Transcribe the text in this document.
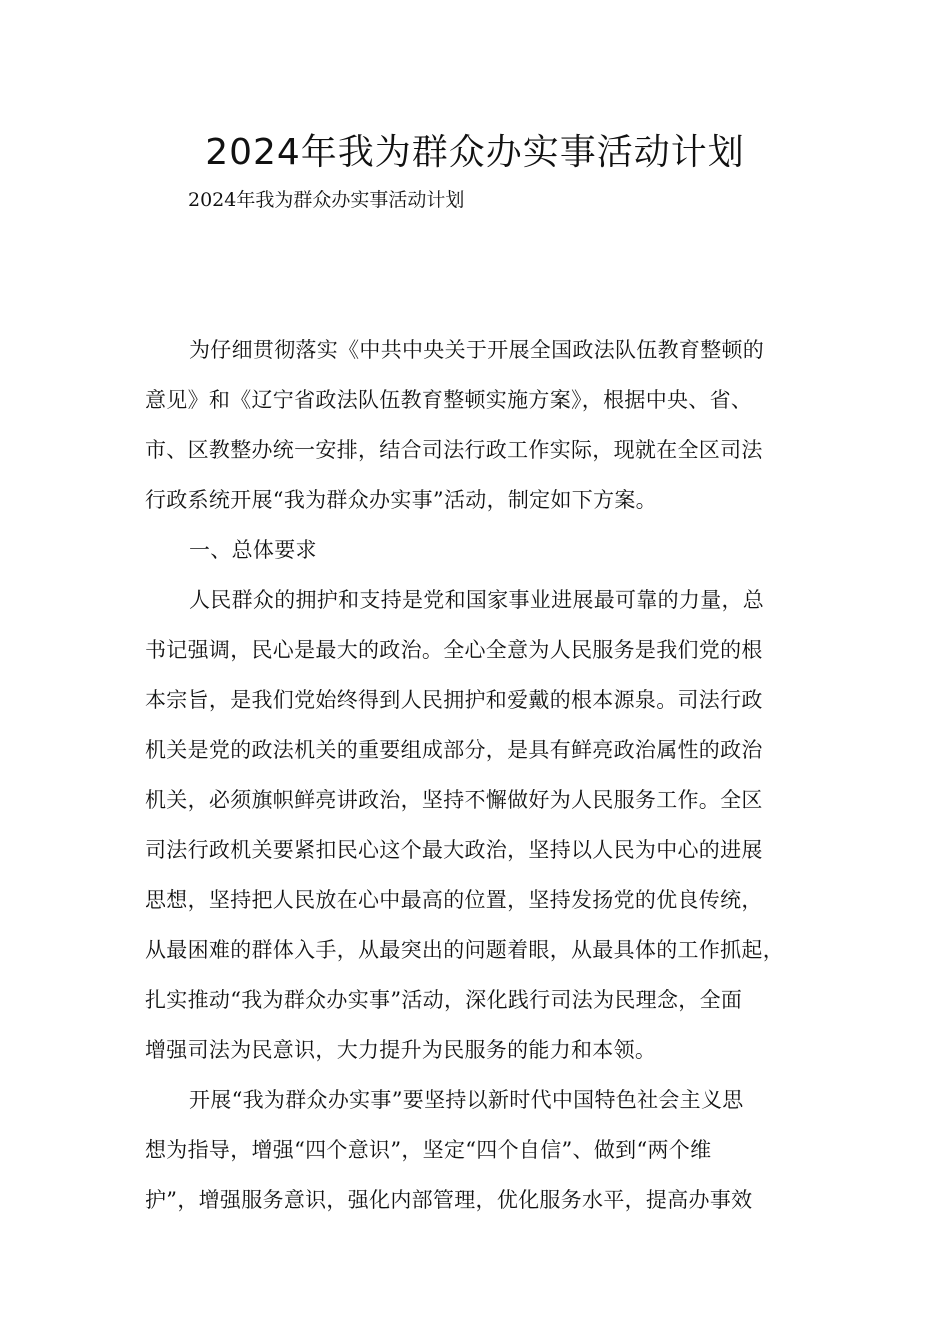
2024年我为群众办实事活动计划
2024年我为群众办实事活动计划
为仔细贯彻落实《中共中央关于开展全国政法队伍教育整顿的
意见》和《辽宁省政法队伍教育整顿实施方案》，根据中央、省、
市、区教整办统一安排，结合司法行政工作实际，现就在全区司法
行政系统开展“我为群众办实事”活动，制定如下方案。
一、总体要求
人民群众的拥护和支持是党和国家事业进展最可靠的力量，总
书记强调，民心是最大的政治。全心全意为人民服务是我们党的根
本宗旨，是我们党始终得到人民拥护和爱戴的根本源泉。司法行政
机关是党的政法机关的重要组成部分，是具有鲜亮政治属性的政治
机关，必须旗帜鲜亮讲政治，坚持不懈做好为人民服务工作。全区
司法行政机关要紧扣民心这个最大政治，坚持以人民为中心的进展
思想，坚持把人民放在心中最高的位置，坚持发扬党的优良传统，
从最困难的群体入手，从最突出的问题着眼，从最具体的工作抓起，
扎实推动“我为群众办实事”活动，深化践行司法为民理念，全面
增强司法为民意识，大力提升为民服务的能力和本领。
开展“我为群众办实事”要坚持以新时代中国特色社会主义思
想为指导，增强“四个意识”，坚定“四个自信”、做到“两个维
护”，增强服务意识，强化内部管理，优化服务水平，提高办事效
